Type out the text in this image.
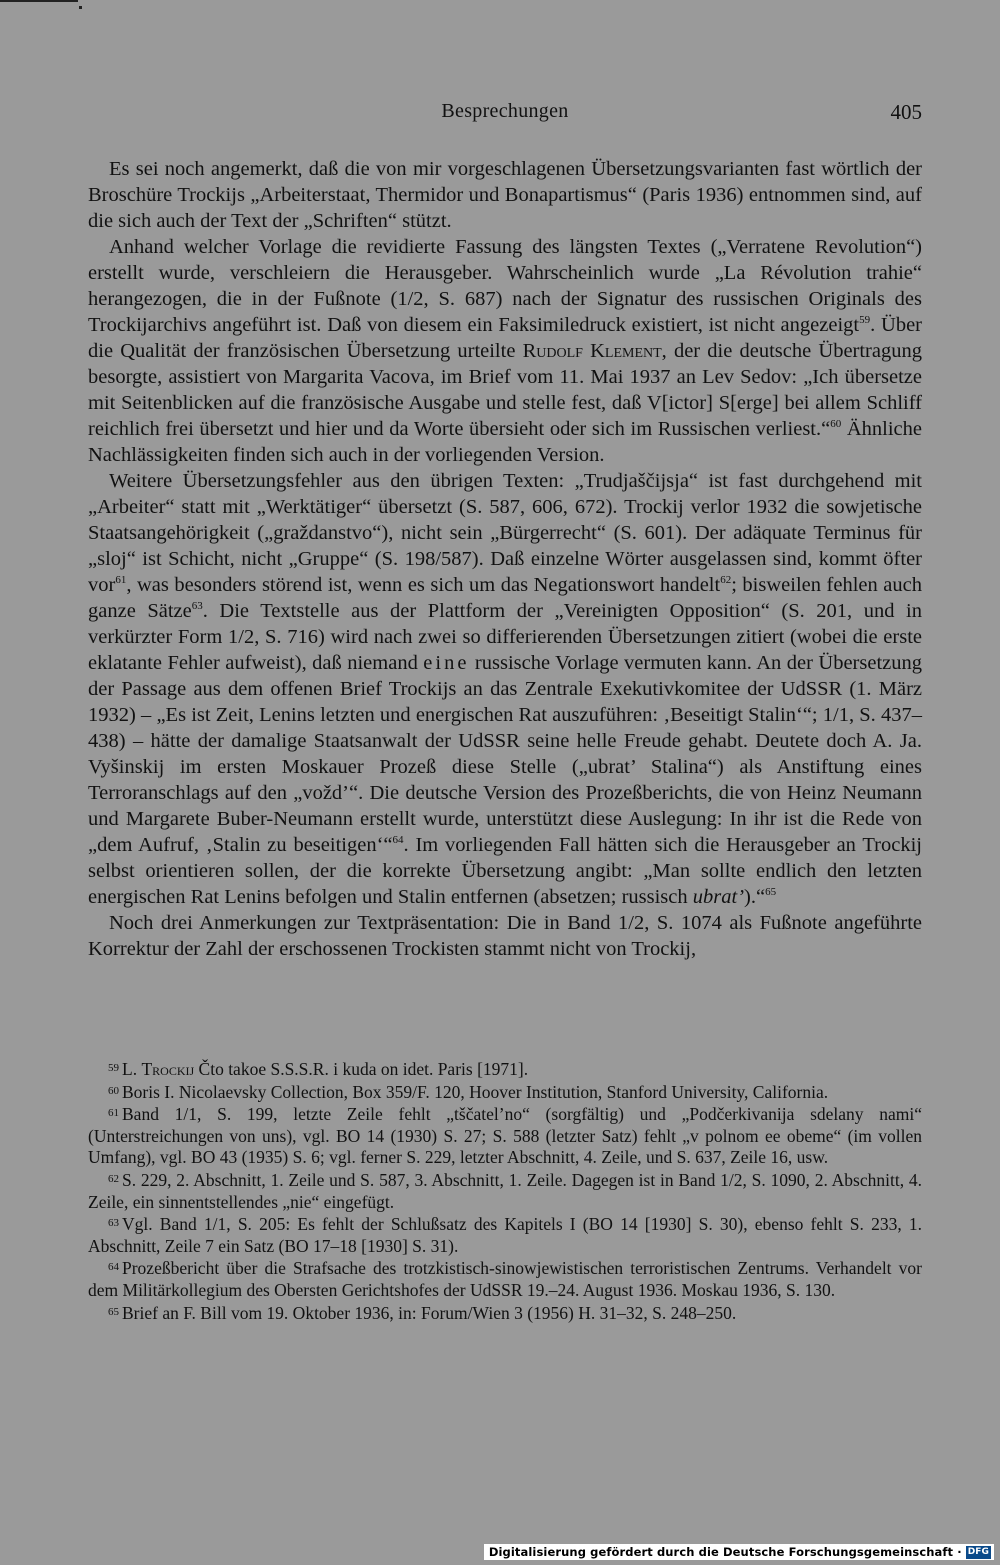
Besprechungen	405

Es sei noch angemerkt, daß die von mir vorgeschlagenen Übersetzungsvarianten fast wörtlich der Broschüre Trockijs „Arbeiterstaat, Thermidor und Bonapartismus“ (Paris 1936) entnommen sind, auf die sich auch der Text der „Schriften“ stützt.

Anhand welcher Vorlage die revidierte Fassung des längsten Textes („Verratene Revolution“) erstellt wurde, verschleiern die Herausgeber. Wahrscheinlich wurde „La Révolution trahie“ herangezogen, die in der Fußnote (1/2, S. 687) nach der Signatur des russischen Originals des Trockijarchivs angeführt ist. Daß von diesem ein Faksimiledruck existiert, ist nicht angezeigt$^{59}$. Über die Qualität der französischen Übersetzung urteilte Rudolf Klement, der die deutsche Übertragung besorgte, assistiert von Margarita Vacova, im Brief vom 11. Mai 1937 an Lev Sedov: „Ich übersetze mit Seitenblicken auf die französische Ausgabe und stelle fest, daß V[ictor] S[erge] bei allem Schliff reichlich frei übersetzt und hier und da Worte übersieht oder sich im Russischen verliest.“$^{60}$ Ähnliche Nachlässigkeiten finden sich auch in der vorliegenden Version.

Weitere Übersetzungsfehler aus den übrigen Texten: „Trudjaščijsja“ ist fast durchgehend mit „Arbeiter“ statt mit „Werktätiger“ übersetzt (S. 587, 606, 672). Trockij verlor 1932 die sowjetische Staatsangehörigkeit („graždanstvo“), nicht sein „Bürgerrecht“ (S. 601). Der adäquate Terminus für „sloj“ ist Schicht, nicht „Gruppe“ (S. 198/587). Daß einzelne Wörter ausgelassen sind, kommt öfter vor$^{61}$, was besonders störend ist, wenn es sich um das Negationswort handelt$^{62}$; bisweilen fehlen auch ganze Sätze$^{63}$. Die Textstelle aus der Plattform der „Vereinigten Opposition“ (S. 201, und in verkürzter Form 1/2, S. 716) wird nach zwei so differierenden Übersetzungen zitiert (wobei die erste eklatante Fehler aufweist), daß niemand eine russische Vorlage vermuten kann. An der Übersetzung der Passage aus dem offenen Brief Trockijs an das Zentrale Exekutivkomitee der UdSSR (1. März 1932) – „Es ist Zeit, Lenins letzten und energischen Rat auszuführen: ‚Beseitigt Stalin‘“; 1/1, S. 437–438) – hätte der damalige Staatsanwalt der UdSSR seine helle Freude gehabt. Deutete doch A. Ja. Vyšinskij im ersten Moskauer Prozeß diese Stelle („ubrat’ Stalina“) als Anstiftung eines Terroranschlags auf den „vožd’“. Die deutsche Version des Prozeßberichts, die von Heinz Neumann und Margarete Buber-Neumann erstellt wurde, unterstützt diese Auslegung: In ihr ist die Rede von „dem Aufruf, ‚Stalin zu beseitigen‘“$^{64}$. Im vorliegenden Fall hätten sich die Herausgeber an Trockij selbst orientieren sollen, der die korrekte Übersetzung angibt: „Man sollte endlich den letzten energischen Rat Lenins befolgen und Stalin entfernen (absetzen; russisch ubrat’).“$^{65}$

Noch drei Anmerkungen zur Textpräsentation: Die in Band 1/2, S. 1074 als Fußnote angeführte Korrektur der Zahl der erschossenen Trockisten stammt nicht von Trockij,

$^{59}$ L. Trockij Čto takoe S.S.S.R. i kuda on idet. Paris [1971].

$^{60}$ Boris I. Nicolaevsky Collection, Box 359/F. 120, Hoover Institution, Stanford University, California.

$^{61}$ Band 1/1, S. 199, letzte Zeile fehlt „tščatel’no“ (sorgfältig) und „Podčerkivanija sdelany nami“ (Unterstreichungen von uns), vgl. BO 14 (1930) S. 27; S. 588 (letzter Satz) fehlt „v polnom ee obeme“ (im vollen Umfang), vgl. BO 43 (1935) S. 6; vgl. ferner S. 229, letzter Abschnitt, 4. Zeile, und S. 637, Zeile 16, usw.

$^{62}$ S. 229, 2. Abschnitt, 1. Zeile und S. 587, 3. Abschnitt, 1. Zeile. Dagegen ist in Band 1/2, S. 1090, 2. Abschnitt, 4. Zeile, ein sinnentstellendes „nie“ eingefügt.

$^{63}$ Vgl. Band 1/1, S. 205: Es fehlt der Schlußsatz des Kapitels I (BO 14 [1930] S. 30), ebenso fehlt S. 233, 1. Abschnitt, Zeile 7 ein Satz (BO 17–18 [1930] S. 31).

$^{64}$ Prozeßbericht über die Strafsache des trotzkistisch-sinowjewistischen terroristischen Zentrums. Verhandelt vor dem Militärkollegium des Obersten Gerichtshofes der UdSSR 19.–24. August 1936. Moskau 1936, S. 130.

$^{65}$ Brief an F. Bill vom 19. Oktober 1936, in: Forum/Wien 3 (1956) H. 31–32, S. 248–250.

Digitalisierung gefördert durch die Deutsche Forschungsgemeinschaft · DFG
